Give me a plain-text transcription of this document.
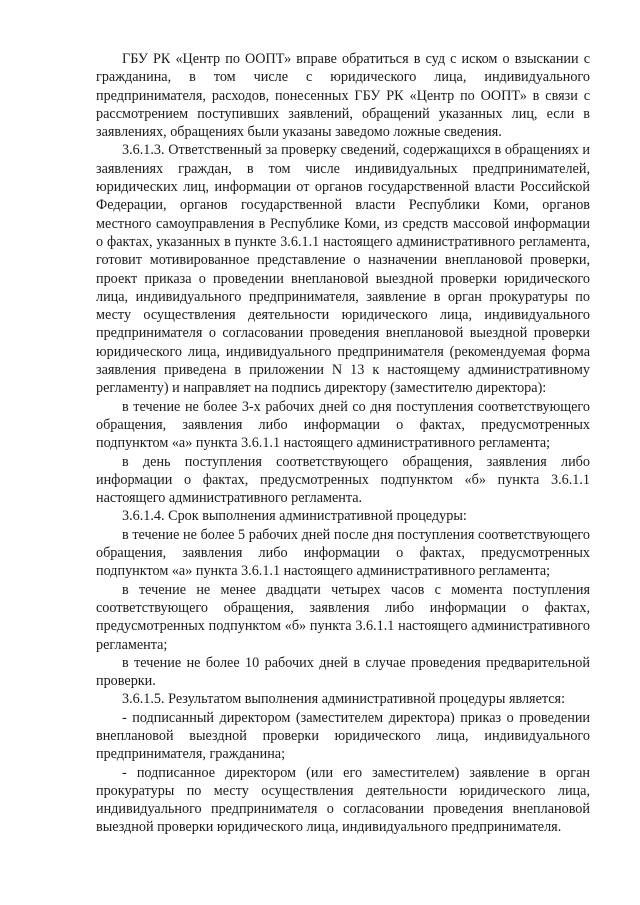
ГБУ РК «Центр по ООПТ» вправе обратиться в суд с иском о взыскании с гражданина, в том числе с юридического лица, индивидуального предпринимателя, расходов, понесенных ГБУ РК «Центр по ООПТ» в связи с рассмотрением поступивших заявлений, обращений указанных лиц, если в заявлениях, обращениях были указаны заведомо ложные сведения.

3.6.1.3. Ответственный за проверку сведений, содержащихся в обращениях и заявлениях граждан, в том числе индивидуальных предпринимателей, юридических лиц, информации от органов государственной власти Российской Федерации, органов государственной власти Республики Коми, органов местного самоуправления в Республике Коми, из средств массовой информации о фактах, указанных в пункте 3.6.1.1 настоящего административного регламента, готовит мотивированное представление о назначении внеплановой проверки, проект приказа о проведении внеплановой выездной проверки юридического лица, индивидуального предпринимателя, заявление в орган прокуратуры по месту осуществления деятельности юридического лица, индивидуального предпринимателя о согласовании проведения внеплановой выездной проверки юридического лица, индивидуального предпринимателя (рекомендуемая форма заявления приведена в приложении N 13 к настоящему административному регламенту) и направляет на подпись директору (заместителю директора):

в течение не более 3-х рабочих дней со дня поступления соответствующего обращения, заявления либо информации о фактах, предусмотренных подпунктом «а» пункта 3.6.1.1 настоящего административного регламента;

в день поступления соответствующего обращения, заявления либо информации о фактах, предусмотренных подпунктом «б» пункта 3.6.1.1 настоящего административного регламента.

3.6.1.4. Срок выполнения административной процедуры:

в течение не более 5 рабочих дней после дня поступления соответствующего обращения, заявления либо информации о фактах, предусмотренных подпунктом «а» пункта 3.6.1.1 настоящего административного регламента;

в течение не менее двадцати четырех часов с момента поступления соответствующего обращения, заявления либо информации о фактах, предусмотренных подпунктом «б» пункта 3.6.1.1 настоящего административного регламента;

в течение не более 10 рабочих дней в случае проведения предварительной проверки.

3.6.1.5. Результатом выполнения административной процедуры является:

- подписанный директором (заместителем директора) приказ о проведении внеплановой выездной проверки юридического лица, индивидуального предпринимателя, гражданина;

- подписанное директором (или его заместителем) заявление в орган прокуратуры по месту осуществления деятельности юридического лица, индивидуального предпринимателя о согласовании проведения внеплановой выездной проверки юридического лица, индивидуального предпринимателя.
